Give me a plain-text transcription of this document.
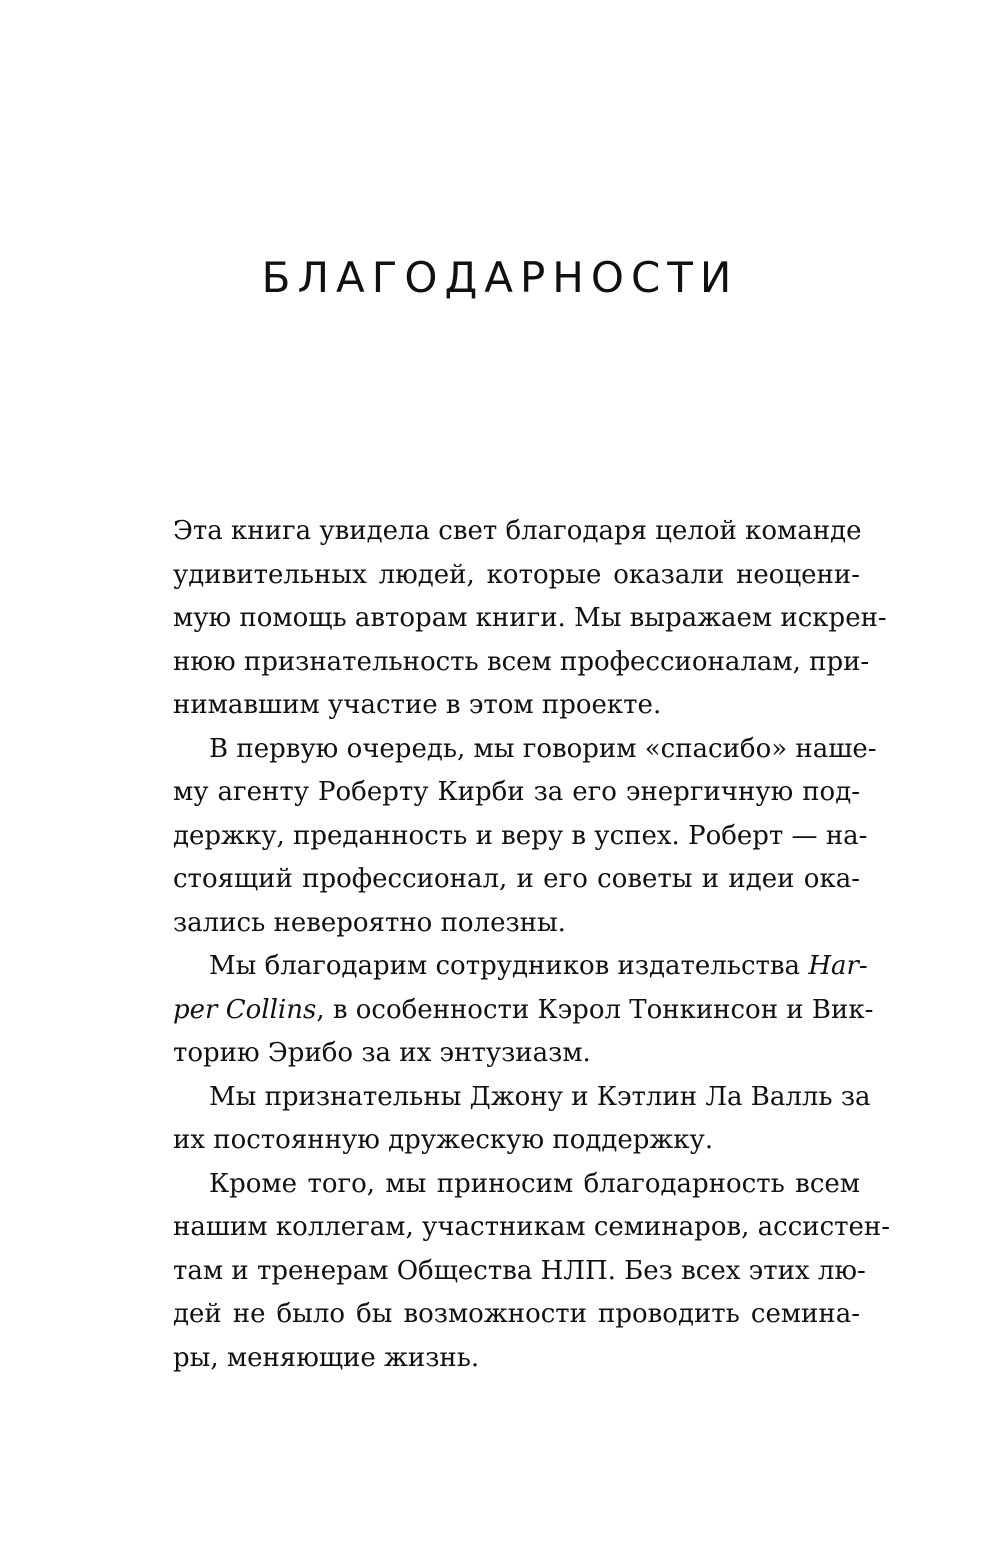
БЛАГОДАРНОСТИ
Эта книга увидела свет благодаря целой команде
удивительных людей, которые оказали неоцени-
мую помощь авторам книги. Мы выражаем искрен-
нюю признательность всем профессионалам, при-
нимавшим участие в этом проекте.
В первую очередь, мы говорим «спасибо» наше-
му агенту Роберту Кирби за его энергичную под-
держку, преданность и веру в успех. Роберт — на-
стоящий профессионал, и его советы и идеи ока-
зались невероятно полезны.
Мы благодарим сотрудников издательства Har-
per Collins, в особенности Кэрол Тонкинсон и Вик-
торию Эрибо за их энтузиазм.
Мы признательны Джону и Кэтлин Ла Валль за
их постоянную дружескую поддержку.
Кроме того, мы приносим благодарность всем
нашим коллегам, участникам семинаров, ассистен-
там и тренерам Общества НЛП. Без всех этих лю-
дей не было бы возможности проводить семина-
ры, меняющие жизнь.
